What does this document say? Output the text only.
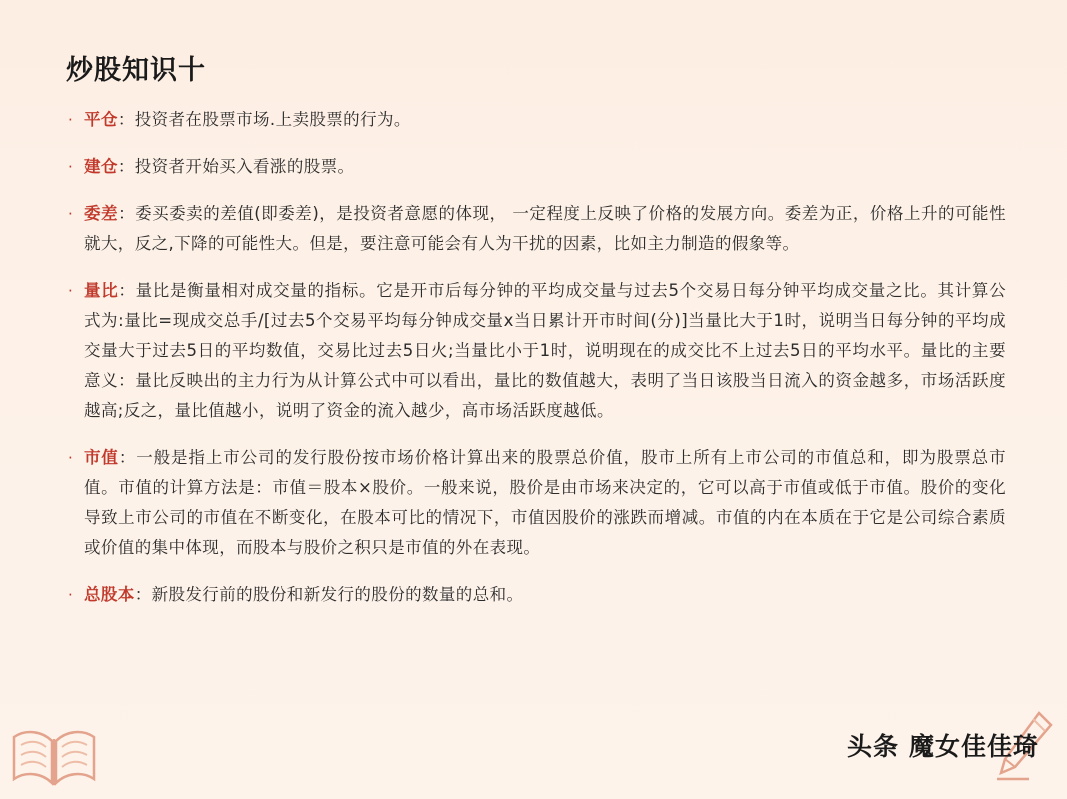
炒股知识十
· 平仓：投资者在股票市场.上卖股票的行为。
· 建仓：投资者开始买入看涨的股票。
· 委差：委买委卖的差值(即委差)，是投资者意愿的体现， 一定程度上反映了价格的发展方向。委差为正，价格上升的可能性就大，反之,下降的可能性大。但是，要注意可能会有人为干扰的因素，比如主力制造的假象等。
· 量比：量比是衡量相对成交量的指标。它是开市后每分钟的平均成交量与过去5个交易日每分钟平均成交量之比。其计算公式为:量比=现成交总手/[过去5个交易平均每分钟成交量x当日累计开市时间(分)]当量比大于1时，说明当日每分钟的平均成交量大于过去5日的平均数值，交易比过去5日火;当量比小于1时，说明现在的成交比不上过去5日的平均水平。量比的主要意义：量比反映出的主力行为从计算公式中可以看出，量比的数值越大，表明了当日该股当日流入的资金越多，市场活跃度越高;反之，量比值越小，说明了资金的流入越少，高市场活跃度越低。
· 市值：一般是指上市公司的发行股份按市场价格计算出来的股票总价值，股市上所有上市公司的市值总和，即为股票总市值。市值的计算方法是：市值＝股本×股价。一般来说，股价是由市场来决定的，它可以高于市值或低于市值。股价的变化导致上市公司的市值在不断变化，在股本可比的情况下，市值因股价的涨跌而增减。市值的内在本质在于它是公司综合素质或价值的集中体现，而股本与股价之积只是市值的外在表现。
· 总股本：新股发行前的股份和新发行的股份的数量的总和。
头条 魔女佳佳琦
